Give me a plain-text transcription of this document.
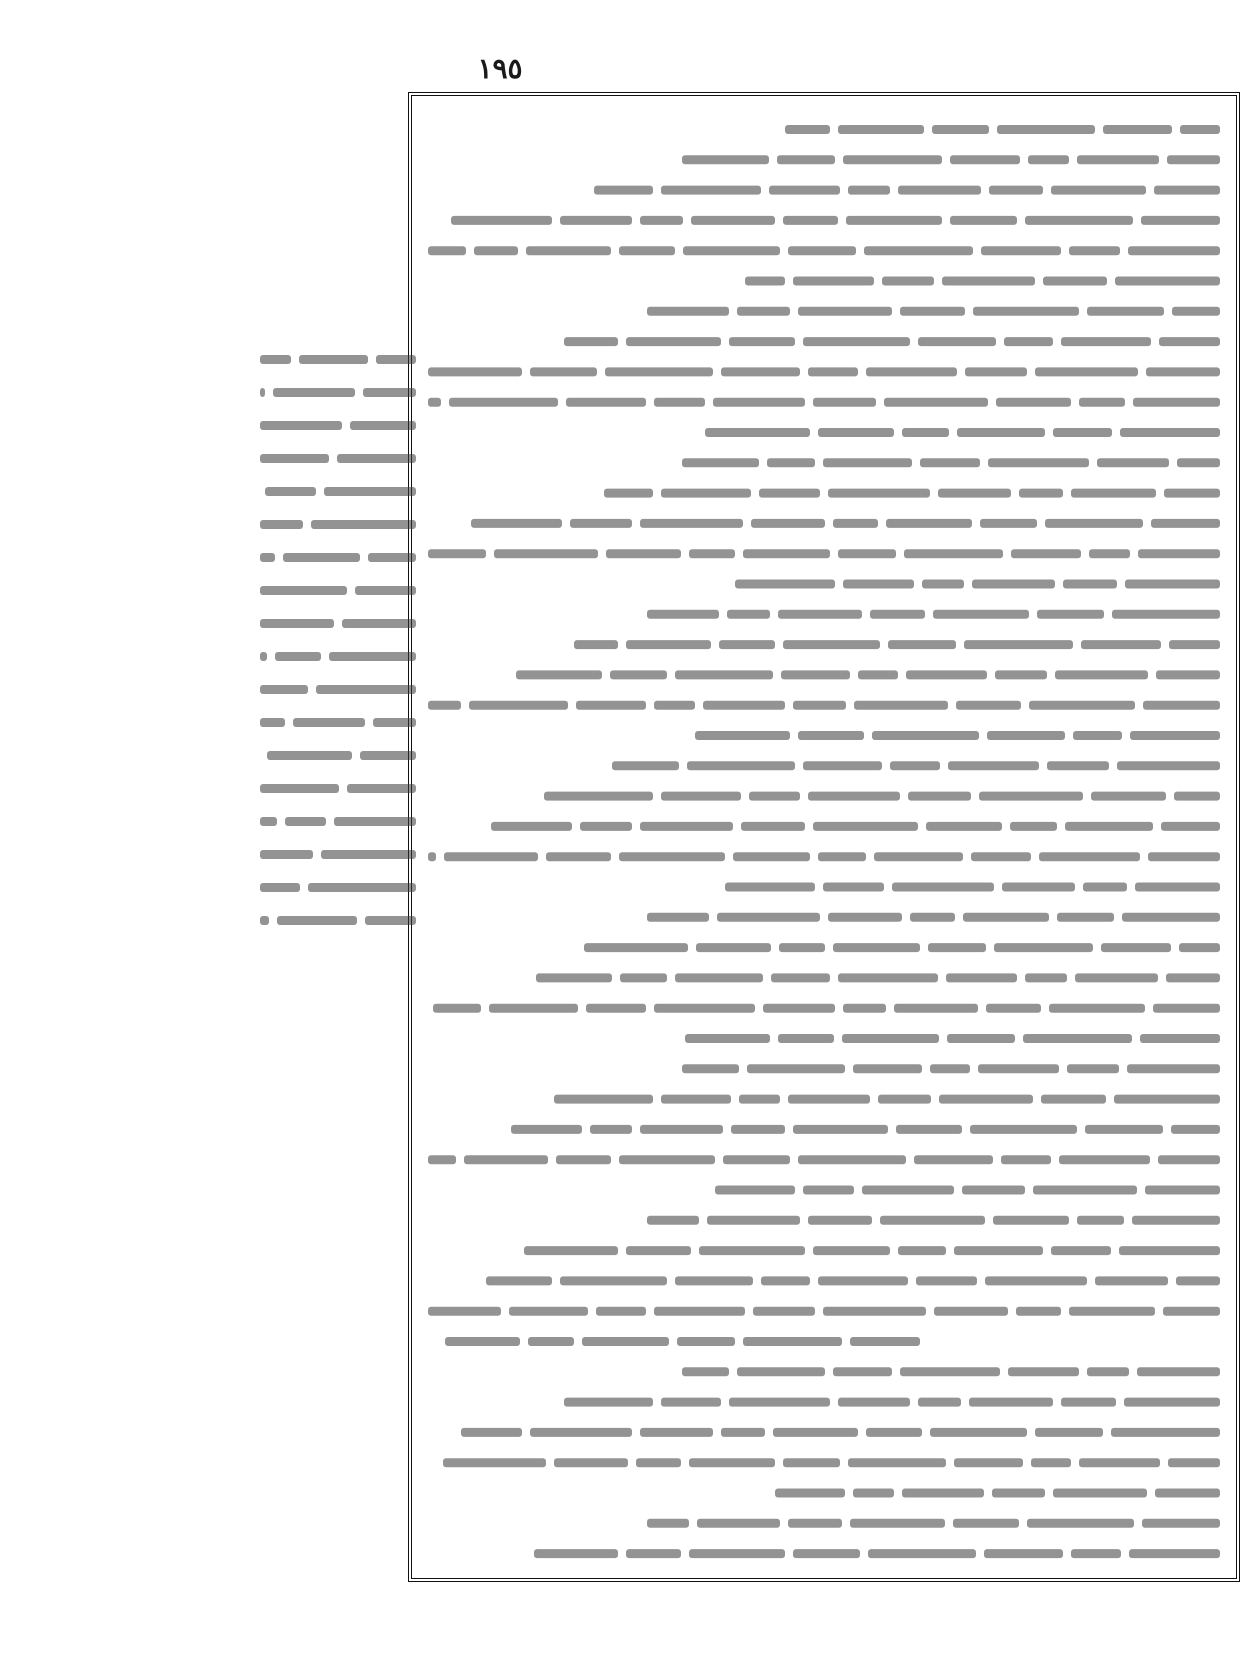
١٩٥
